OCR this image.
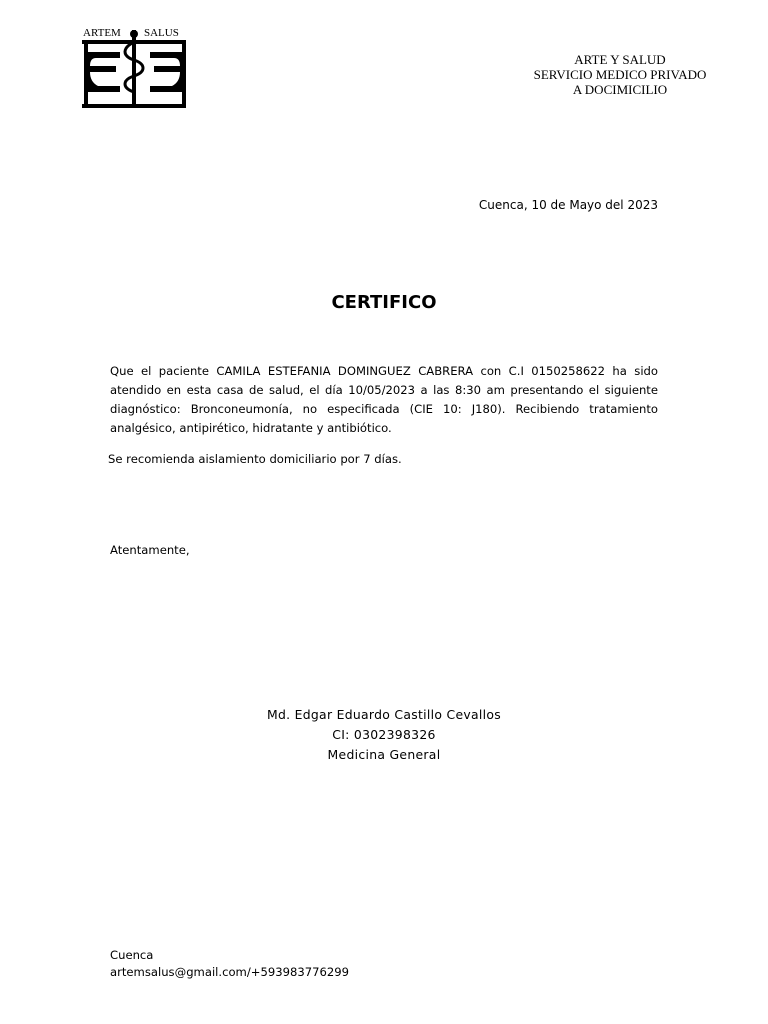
ARTEM SALUS
ARTE Y SALUD
SERVICIO MEDICO PRIVADO
A DOCIMICILIO
Cuenca, 10 de Mayo del 2023
CERTIFICO
Que el paciente CAMILA ESTEFANIA DOMINGUEZ CABRERA con C.I 0150258622 ha sido atendido en esta casa de salud, el día 10/05/2023 a las 8:30 am presentando el siguiente diagnóstico: Bronconeumonía, no especificada (CIE 10: J180). Recibiendo tratamiento analgésico, antipirético, hidratante y antibiótico.
Se recomienda aislamiento domiciliario por 7 días.
Atentamente,
Md. Edgar Eduardo Castillo Cevallos
CI: 0302398326
Medicina General
Cuenca
artemsalus@gmail.com/+593983776299
